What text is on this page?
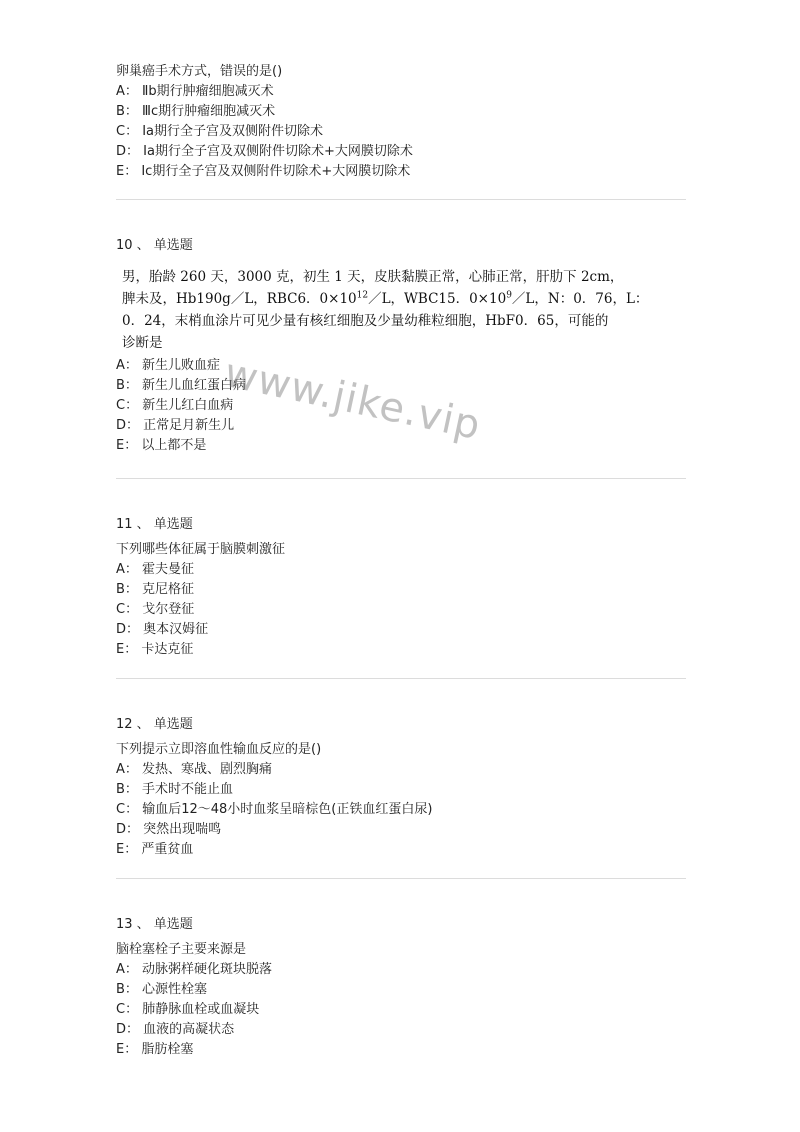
卵巢癌手术方式，错误的是()
A： Ⅱb期行肿瘤细胞减灭术
B： Ⅲc期行肿瘤细胞减灭术
C： Ⅰa期行全子宫及双侧附件切除术
D： Ⅰa期行全子宫及双侧附件切除术+大网膜切除术
E： Ⅰc期行全子宫及双侧附件切除术+大网膜切除术
10 、 单选题
男，胎龄 260 天，3000 克，初生 1 天，皮肤黏膜正常，心肺正常，肝肋下 2cm，
脾未及，Hb190g／L，RBC6．$0\times 10^{12}/L$，WBC15．$0\times 10^9/L$，N：0．76，L：
0．24，末梢血涂片可见少量有核红细胞及少量幼稚粒细胞，HbF0．65，可能的
诊断是
A： 新生儿败血症
B： 新生儿血红蛋白病
C： 新生儿红白血病
D： 正常足月新生儿
E： 以上都不是 www.jike.vip
11 、 单选题
下列哪些体征属于脑膜刺激征
A： 霍夫曼征
B： 克尼格征
C： 戈尔登征
D： 奥本汉姆征
E： 卡达克征
12 、 单选题
下列提示立即溶血性输血反应的是()
A： 发热、寒战、剧烈胸痛
B： 手术时不能止血
C： 输血后12～48小时血浆呈暗棕色(正铁血红蛋白尿)
D： 突然出现喘鸣
E： 严重贫血
13 、 单选题
脑栓塞栓子主要来源是
A： 动脉粥样硬化斑块脱落
B： 心源性栓塞
C： 肺静脉血栓或血凝块
D： 血液的高凝状态
E： 脂肪栓塞
